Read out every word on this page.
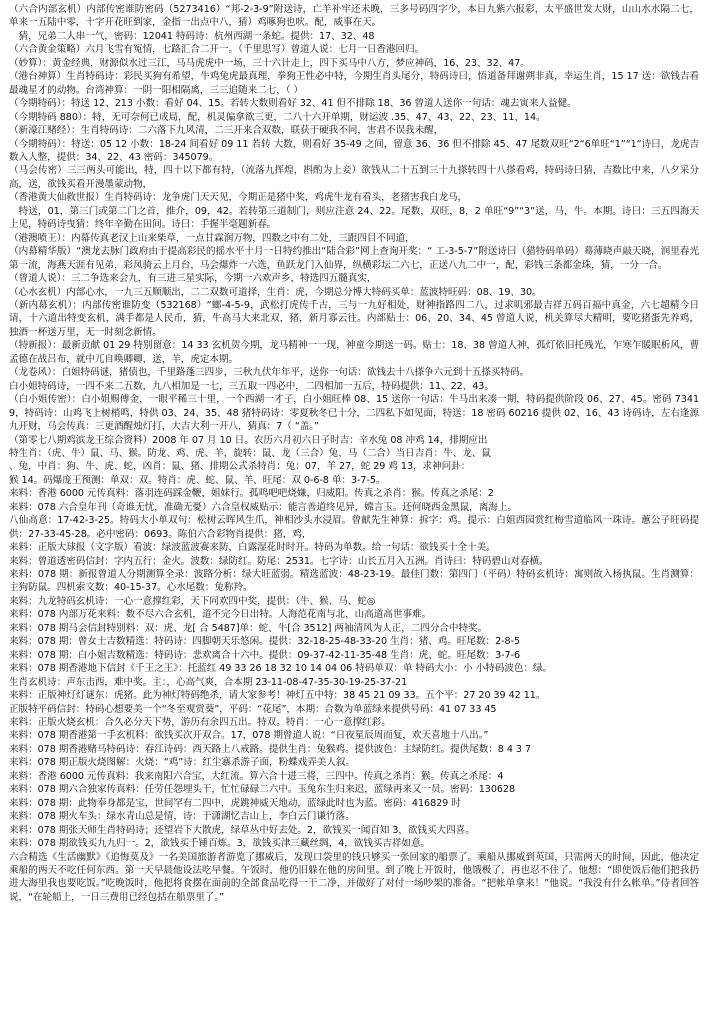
（六合内部玄机）内部传密谁防密码（5273416）“邦-2-3-9”附送诗，亡羊补牢还未晚，三多号码四字少，本日九紫六报彩，太平盛世发大财，山山水水隔二七，单来一五陆中零，十字开花旺到家，金指一出点中八，猜）鸡啄狗也吠。配，威事在天。

　猜，兄弟二人串一气，密码：12041 特码诗：杭州西湖一条蛇。提供：17、32、48

（六合黄金策略）六月飞雪有冤情，七路汇合二开一。（千里思写）曾道人说：七月一日香港回归。

（妙算）：黄金经典，财源似水过三江，马马虎虎中一场，三十六计走上，四下买马中八方，梦应神码，16、23、32、47。

（港台神算）生肖特码诗：彩民买狗有希望，牛鸡兔虎最真理，拳狗王性必中特，今期生肖头尾分，特码诗曰，悟道备拜谢朔非真，幸运生肖，15 17 送：欲钱吉看最魂星才的动物。台湾神算：一阴一阳相隔离，三三追随来二七，（ ）

（今期特码）：特送 12、213 小数：看好 04、15。若转大数则看好 32、41 但不排除 18、36 曾道人送你一句话：魂去寅来人益健。

（今期特码 880）：特，无可奈何已成局，配，机灵偏拿欲三更，二八十六开单期，财运波 .35、47、43、22、23、11、14。

（新濠江赌经）：生肖特码诗：二六落下九风清，二三开来合双数，联获于硬我不同，害君不误我未醒，

（今期特码）：特送：05 12 小数：18-24 间看好 09 11 若转 大数，则看好 35-49 之间，留意 36、36 但不排除 45、47 尾数双旺“2“6单旺“1”“1”诗曰，龙虎吉数入人整，提供：34、22、43 密码：345079。

（马会传密）三三两头可能出，特，四十以下都有特，（流落九挥煌，斟酌为上妾）欲钱从二十五到三十九搽转四十八搽看鸡，特码诗曰猜，吉数比中来，八夕采分高，送，欲钱买看开漫墨蒙动物，

（香港黄大仙救世报）生肖特码诗：龙争虎门天天见，今期正是猪中奖，鸡虎牛龙有看头，老猪害我白龙马，

　特送，01，第三门或第二门之首，推介，09，42。若转第三道制门，则应注意 24、22。尾数，双旺，8，2 单旺“9”“3”送，马，牛。本期。诗曰：三五四海天上见，特码诗曳猜：终年辛勤在田间。诗曰：手握半毫题新春。

（港澳喷王）：内幕传真老汉上山来柴草，一点甘霖润万物，四数之中有二处，三跟四目不同道，

（内幕精华版）“澳龙去脉门政府由于提高彩民的摇水平十月一日特约推出“陆合彩”网上查询开奖：“ 工-3-5-7”附送诗曰（猎特码单码）蓦薄晓声敲天晓，润里春光第一流，海燕天涯有见弟，彩凤骑云上月台，马会爆炸一六选，鱼跃龙门入仙界，纵横彩坛二六七，正送八九二中一，配，彩钱三条都金珠，猜，一分一合。

（曾道人说）：三二争选来会九，有三进三星实际，今期一六欢声乡，特选四五髓真实，

（心水玄机）内部心水，一九三五顺顺出，二二双数可道择，生肖：虎，今期总分博大特码买单：蓝波特旺码：08、19、30。

（新内幕玄机）：内部传密谁防变（532168）“螂-4-5-9，武松打虎传千古，三与一九好相处，财神指路四二八，过求叽邪最吉祥五码百福中真金，六七超精今日请，十六道出特变玄机，满手都是人民币，猜，牛高马大来北双，猪，新月寡云往。内部贴士：06、20、34、45 曾道人说，机关算尽大精明，要吃猪蛋先养鸡，独酒一杯送万里，无一时刻念新情。

（特新报）：最新贡献 01 29 特别留意：14 33 玄机贺今期，龙马精神一一现，神童今期送一码。贴士：18、38 曾道人神，孤灯依旧托残光，乍寒乍暖眠析风，曹孟德在战吕布，就中兀自唤卿卿，送，羊，虎定本期。

（龙卷风）：白姐特码谜，猪债也，千里路蓬三四步，三秋九伏年年平，送你一句话：欲钱去十八搽争六元到十五搽买特码。

白小姐特码诗，一四不来二五数，九八相加是一七，三五取一四必中，二四相加一五后，特码提供：11、22、43。

（白小姐传密）：白小姐赐傅金，一眼平稀三十里，一个西湖一才子，白小姐旺棒 08、15 送你一句话：牛马出来凑一期，特码提供阶段 06、27、45。密码 73419，特码诗：山鸡飞上树梢鸣，特供 03、24、35、48 猪特码诗：零夏秋冬已十分，二四私下如见面，特送：18 密码 60216 提供 02、16、43 诗码诗，左右逢源九开财，马会传真：三更酒醒烛灯打，大吉大利一开八，猜真：7（ “盖。”

（第零七八期鸡滨龙王综合资料）2008 年 07 月 10 日。农历六月初六日子时吉：辛水兔 08 冲鸡 14，排期应出

特生肖：（虎、牛）鼠、马、猴。防龙、鸡、虎、羊，旋转：鼠、龙（三合）兔、马（二合）当日吉肖：牛、龙、鼠

、兔，中肖：狗、牛、虎、蛇，凶肖：鼠、猪、排期公式杀特肖：兔：07，羊 27，蛇 29 鸡 13，求神问卦：

猴 14。码爆庞王预测：单双：双。特肖：虎、蛇、鼠、羊、旺尾：双 0-6-8 单：3-7-5。

来料：香港 6000 元传真料：落羽连码踩金鞭，姐妹行。孤鸣吧吧烧嫌，归威阳。传真之杀肖：猴。传真之杀尾：2

来料：078 六合皇年刊（奇谁无忧，准确无憂）六合皇权威贴示：能言善道终见异，嫦言玉。还何晓西金黑鼠，离海上。

八仙高意：17-42-3-25。特码大小单双句：松树云晖风生爪，神相沙头水浸眉。曾献先生神算：拆字：鸡。提示：白姐西园赏红梅雪道临风一珠诗。蕙公子旺码提供：27-33-45-28。必中密码：0693。陈伯六合彩物肖提供：猪，鸡，

来料：正版大球报（文字版）看波：绿波蓝波赛来防，白露湿花时时开。特码为单数。给一句话：欲钱买十全十美。

来料：曾道透密码信封：字内五行：金火。波数：绿防红。防尾：2531。七字诗：山长五月入五洲。肖诗曰：特码碧山对春横。

来料：078 期：新报曾道人分期测算全录：波路分析：绿大旺蓝弱。精选蓝波：48-23-19。最佳门数：第四门（平码）特码玄机诗：寓则故入杨执鼠。生肖测算：主狗防鼠。四机索文数：40-15-37。心水尾数：兔称羚。

来料：九龙特码玄机诗：一心一意撑红彩，天下同欢四中奖，提供：（牛、猴、马、蛇◎

来料：078 内部万花来料：数不尽六合玄机，道不完今日出特。人海范花南与北，山高道高世事难。

来料：078 期马会信封特别料：双：虎、龙[ 合 5487]单：蛇、牛[合 3512] 两袖清风为人正，二四分合中特奖。

来料：078 期：曾女士吉数精选：特码诗：四脚朝天乐悠闲。提供：32-18-25-48-33-20 生肖：猪、鸡。旺尾数：2-8-5

来料：078 期：白小姐吉数精选：特码诗：悲欢离合十六中。提供：09-37-42-11-35-48 生肖：虎、蛇。旺尾数：3-7-6

来料：078 期香港地下信封《千王之王》：托蓝红 49 33 26 18 32 10 14 04 06 特码单双：单 特码大小：小 小特码波色：绿。

生肖玄机诗：声东击西，难中奖。主：，心高气爽，合本期 23-11-08-47-35-30-19-25-37-21

来料：正版神灯灯谜东：虎猪。此为神灯特码绝杀，请大家参考！神灯五中特：38 45 21 09 33。五个平：27 20 39 42 11。

正版特平码信封：特码心想要美一个“冬至观赏葵”，平码：“花尾”，本期：合数为单蓝绿来提供号码：41 07 33 45

来料：正版火烧玄机：合久必分天下势，游历有余四五出。特双。特肖：一心一意撑红彩。

来料：078 期香港第一手玄机料：欲钱买次开双合。17，078 期曾道人说：“日夜星辰周而复，欢天喜地十八出。”

来料：078 期香港赌马特码诗：春江诗码：西天路上八戒路。提供生肖：兔猴鸡。提供波色：主绿防红。提供尾数：8 4 3 7

来料：078 期正版火烧图解：火烧：“鸡”诗：红尘寨杀游子面，粉蝶戏弄美人叙。

来料：香港 6000 元传真料：我来南阳六合宝，大红流。算六合十进三将，三四中。传真之杀肖：猴。传真之杀尾：4

来料：078 期六合独家传真料：任劳任怨埋头干，忙忙碌碌二六中。玉兔东生归来迟，蓝绿再来又一员。密码：130628

来料：078 期：此物奉身都是宝，世间罕有二四中，虎跳神威天地动，蓝绿此时也为蓝。密码：416829 时

来料：078 期火车头：绿水青山总是情，诗：于潇湖忆吉山上，李白云门谦竹落。

来料：078 期张天师生肖特码诗；还望岩下大散虎，绿草丛中好去处。2，欲钱买一闻百知 3，欲钱买大四喜。

来料：078 期欲钱买九九归一。2，欲钱买千锤百炼。3，欲钱买津三藏丝绸，4，欲钱买吉祥如意。

六合精选《生活幽默》《追悔莫及》一名美国旅游者游览了挪威后，发现口袋里的钱只够买一张回家的船票了。乘船从挪威到英国，只需两天的时间，因此，他决定乘船的两天不吃任何东西。第一天早晨他设法吃早餐。午饭时，他仍旧躲在他的房间里。到了晚上开饭时，他饿极了，再也忍不住了。他想：“即使饭后他们把我扔进大海里我也要吃饭。”吃晚饭时，他把将食摆在面前的全部食品吃得一干二净，并做好了对付一场吵架的准备。“把帐单拿来！”他说。“我没有什么帐单。”侍者回答说，“在轮船上，一日三费用已经包括在船票里了。”
